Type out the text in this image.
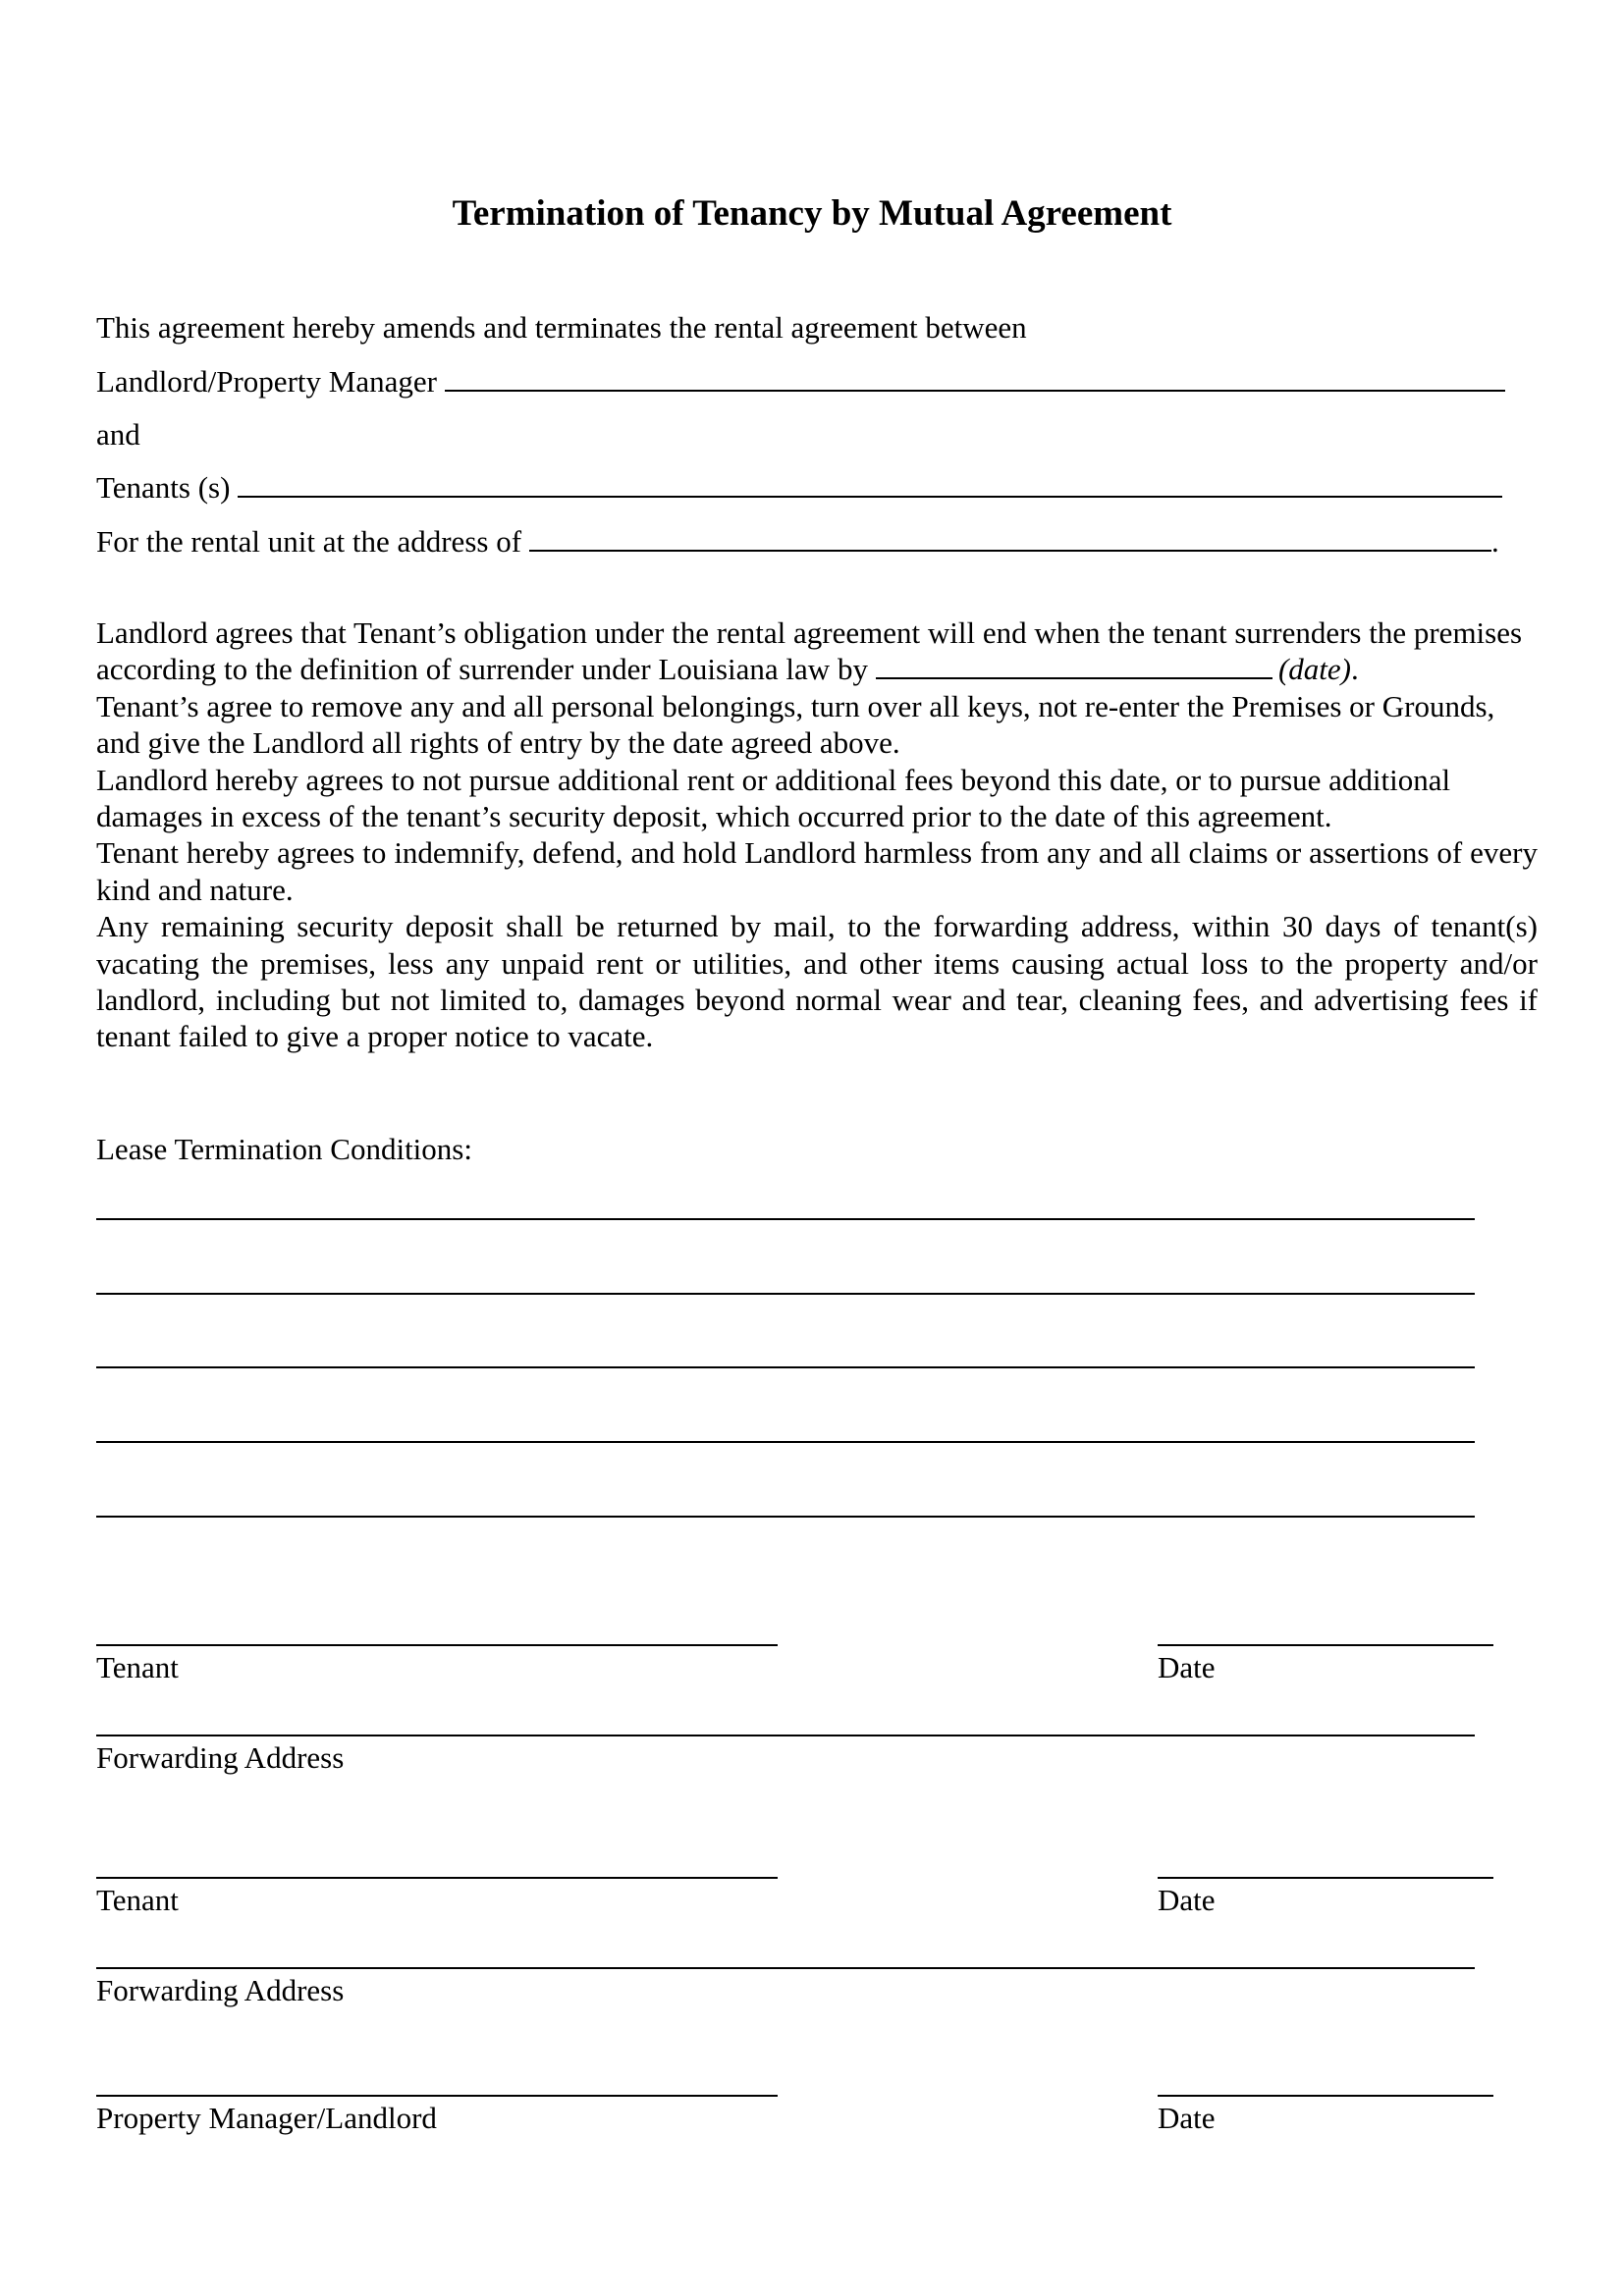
Termination of Tenancy by Mutual Agreement
This agreement hereby amends and terminates the rental agreement between
Landlord/Property Manager
and
Tenants (s)
For the rental unit at the address of	.

Landlord agrees that Tenant’s obligation under the rental agreement will end when the tenant surrenders the premises according to the definition of surrender under Louisiana law by	(date).

Tenant’s agree to remove any and all personal belongings, turn over all keys, not re-enter the Premises or Grounds, and give the Landlord all rights of entry by the date agreed above.

Landlord hereby agrees to not pursue additional rent or additional fees beyond this date, or to pursue additional damages in excess of the tenant’s security deposit, which occurred prior to the date of this agreement.

Tenant hereby agrees to indemnify, defend, and hold Landlord harmless from any and all claims or assertions of every kind and nature.

Any remaining security deposit shall be returned by mail, to the forwarding address, within 30 days of tenant(s) vacating the premises, less any unpaid rent or utilities, and other items causing actual loss to the property and/or landlord, including but not limited to, damages beyond normal wear and tear, cleaning fees, and advertising fees if tenant failed to give a proper notice to vacate.

Lease Termination Conditions:
Tenant	Date
Forwarding Address
Tenant	Date
Forwarding Address
Property Manager/Landlord	Date
